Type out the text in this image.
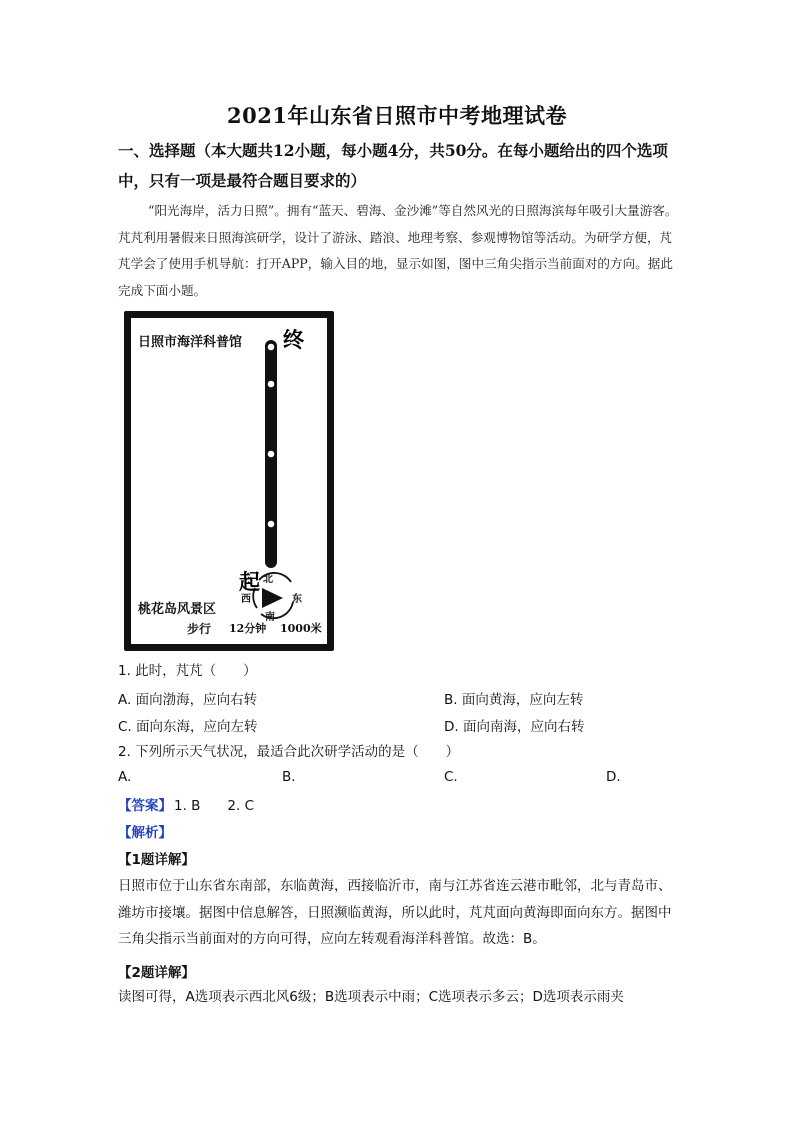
2021年山东省日照市中考地理试卷
一、选择题（本大题共12小题，每小题4分，共50分。在每小题给出的四个选项中，只有一项是最符合题目要求的）
“阳光海岸，活力日照”。拥有“蓝天、碧海、金沙滩”等自然风光的日照海滨每年吸引大量游客。芃芃利用暑假来日照海滨研学，设计了游泳、踏浪、地理考察、参观博物馆等活动。为研学方便，芃芃学会了使用手机导航：打开APP，输入目的地，显示如图，图中三角尖指示当前面对的方向。据此完成下面小题。
日照市海洋科普馆 终
起 北
东
南
西
桃花岛风景区
步行 12分钟 1000米
1. 此时，芃芃（　　）
A. 面向渤海，应向右转	B. 面向黄海，应向左转
C. 面向东海，应向左转	D. 面向南海，应向右转
2. 下列所示天气状况，最适合此次研学活动的是（　　）
A.	B.	C.	D.
【答案】 1. B　　2. C
【解析】
【1题详解】
日照市位于山东省东南部，东临黄海，西接临沂市，南与江苏省连云港市毗邻，北与青岛市、潍坊市接壤。据图中信息解答，日照濒临黄海，所以此时，芃芃面向黄海即面向东方。据图中三角尖指示当前面对的方向可得，应向左转观看海洋科普馆。故选：B。
【2题详解】
读图可得，A选项表示西北风6级；B选项表示中雨；C选项表示多云；D选项表示雨夹
